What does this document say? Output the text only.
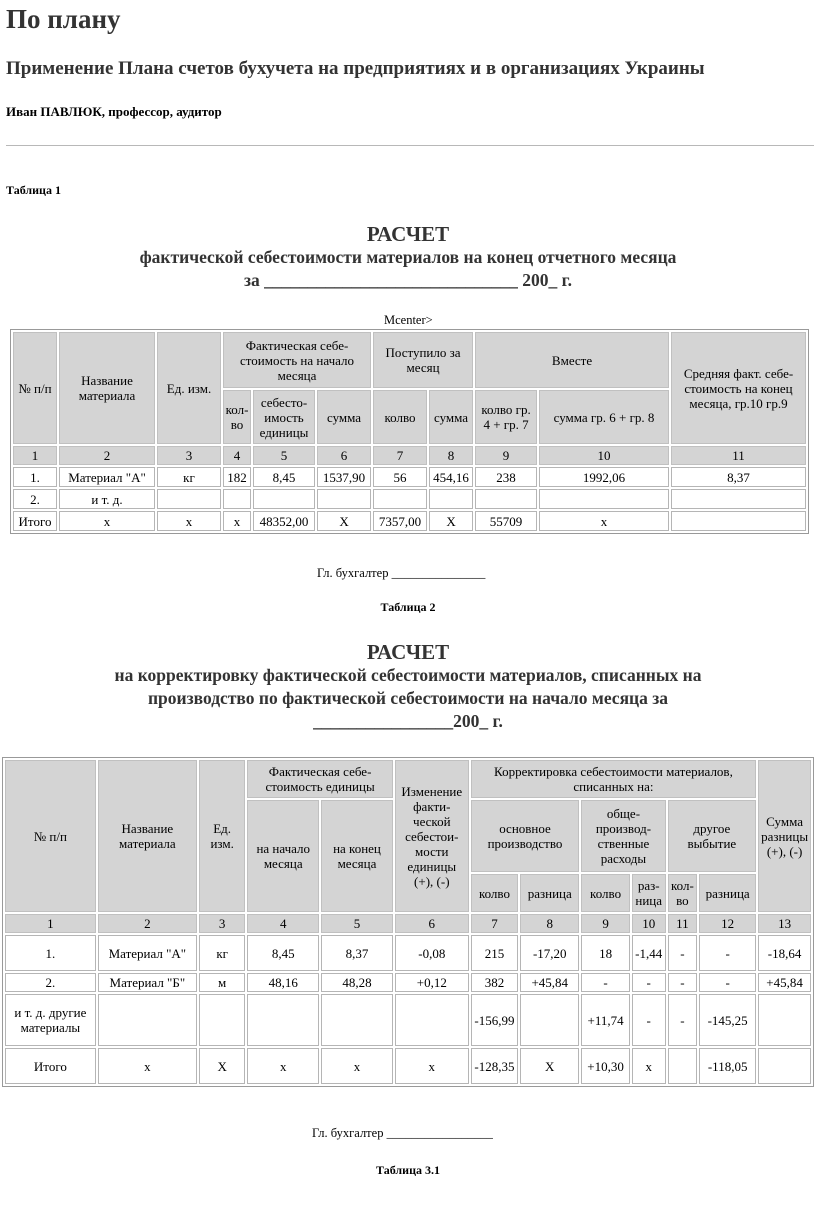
По плану
Применение Плана счетов бухучета на предприятиях и в организациях Украины
Иван ПАВЛЮК, профессор, аудитор
Таблица 1
РАСЧЕТ
фактической себестоимости материалов на конец отчетного месяца
за _____________________________ 200_ г.
Mcenter>
№ п/п	Название материала	Ед. изм.	Фактическая себестоимость на начало месяца			Поступило за месяц		Вместе		Средняя факт. себестоимость на конец месяца, гр.10 гр.9
			колво	себестоимость единицы	сумма	колво	сумма	колво гр. 4 + гр. 7	сумма гр. 6 + гр. 8	
1	2	3	4	5	6	7	8	9	10	11
1.	Материал "А"	кг	182	8,45	1537,90	56	454,16	238	1992,06	8,37
2.	и т. д.									
Итого	х	х	х	48352,00	Х	7357,00	Х	55709	х	
Гл. бухгалтер _______________
Таблица 2
РАСЧЕТ
на корректировку фактической себестоимости материалов, списанных на
производство по фактической себестоимости на начало месяца за
________________200_ г.
№ п/п	Название материала	Ед. изм.	Фактическая себестоимость единицы		Изменение фактической себестоимости единицы (+), (-)	Корректировка себестоимости материалов, списанных на:						Сумма разницы (+), (-)
			на начало месяца	на конец месяца		основное производство		общепроизводственные расходы		другое выбытие		
						колво	разница	колво	разница	колво	разница	
1	2	3	4	5	6	7	8	9	10	11	12	13
1.	Материал "А"	кг	8,45	8,37	-0,08	215	-17,20	18	-1,44	-	-	-18,64
2.	Материал "Б"	м	48,16	48,28	+0,12	382	+45,84	-	-	-	-	+45,84
и т. д. другие материалы						-156,99		+11,74	-	-	-145,25	
Итого	х	Х	х	х	х	-128,35	Х	+10,30	х		-118,05	
Гл. бухгалтер _________________
Таблица 3.1
